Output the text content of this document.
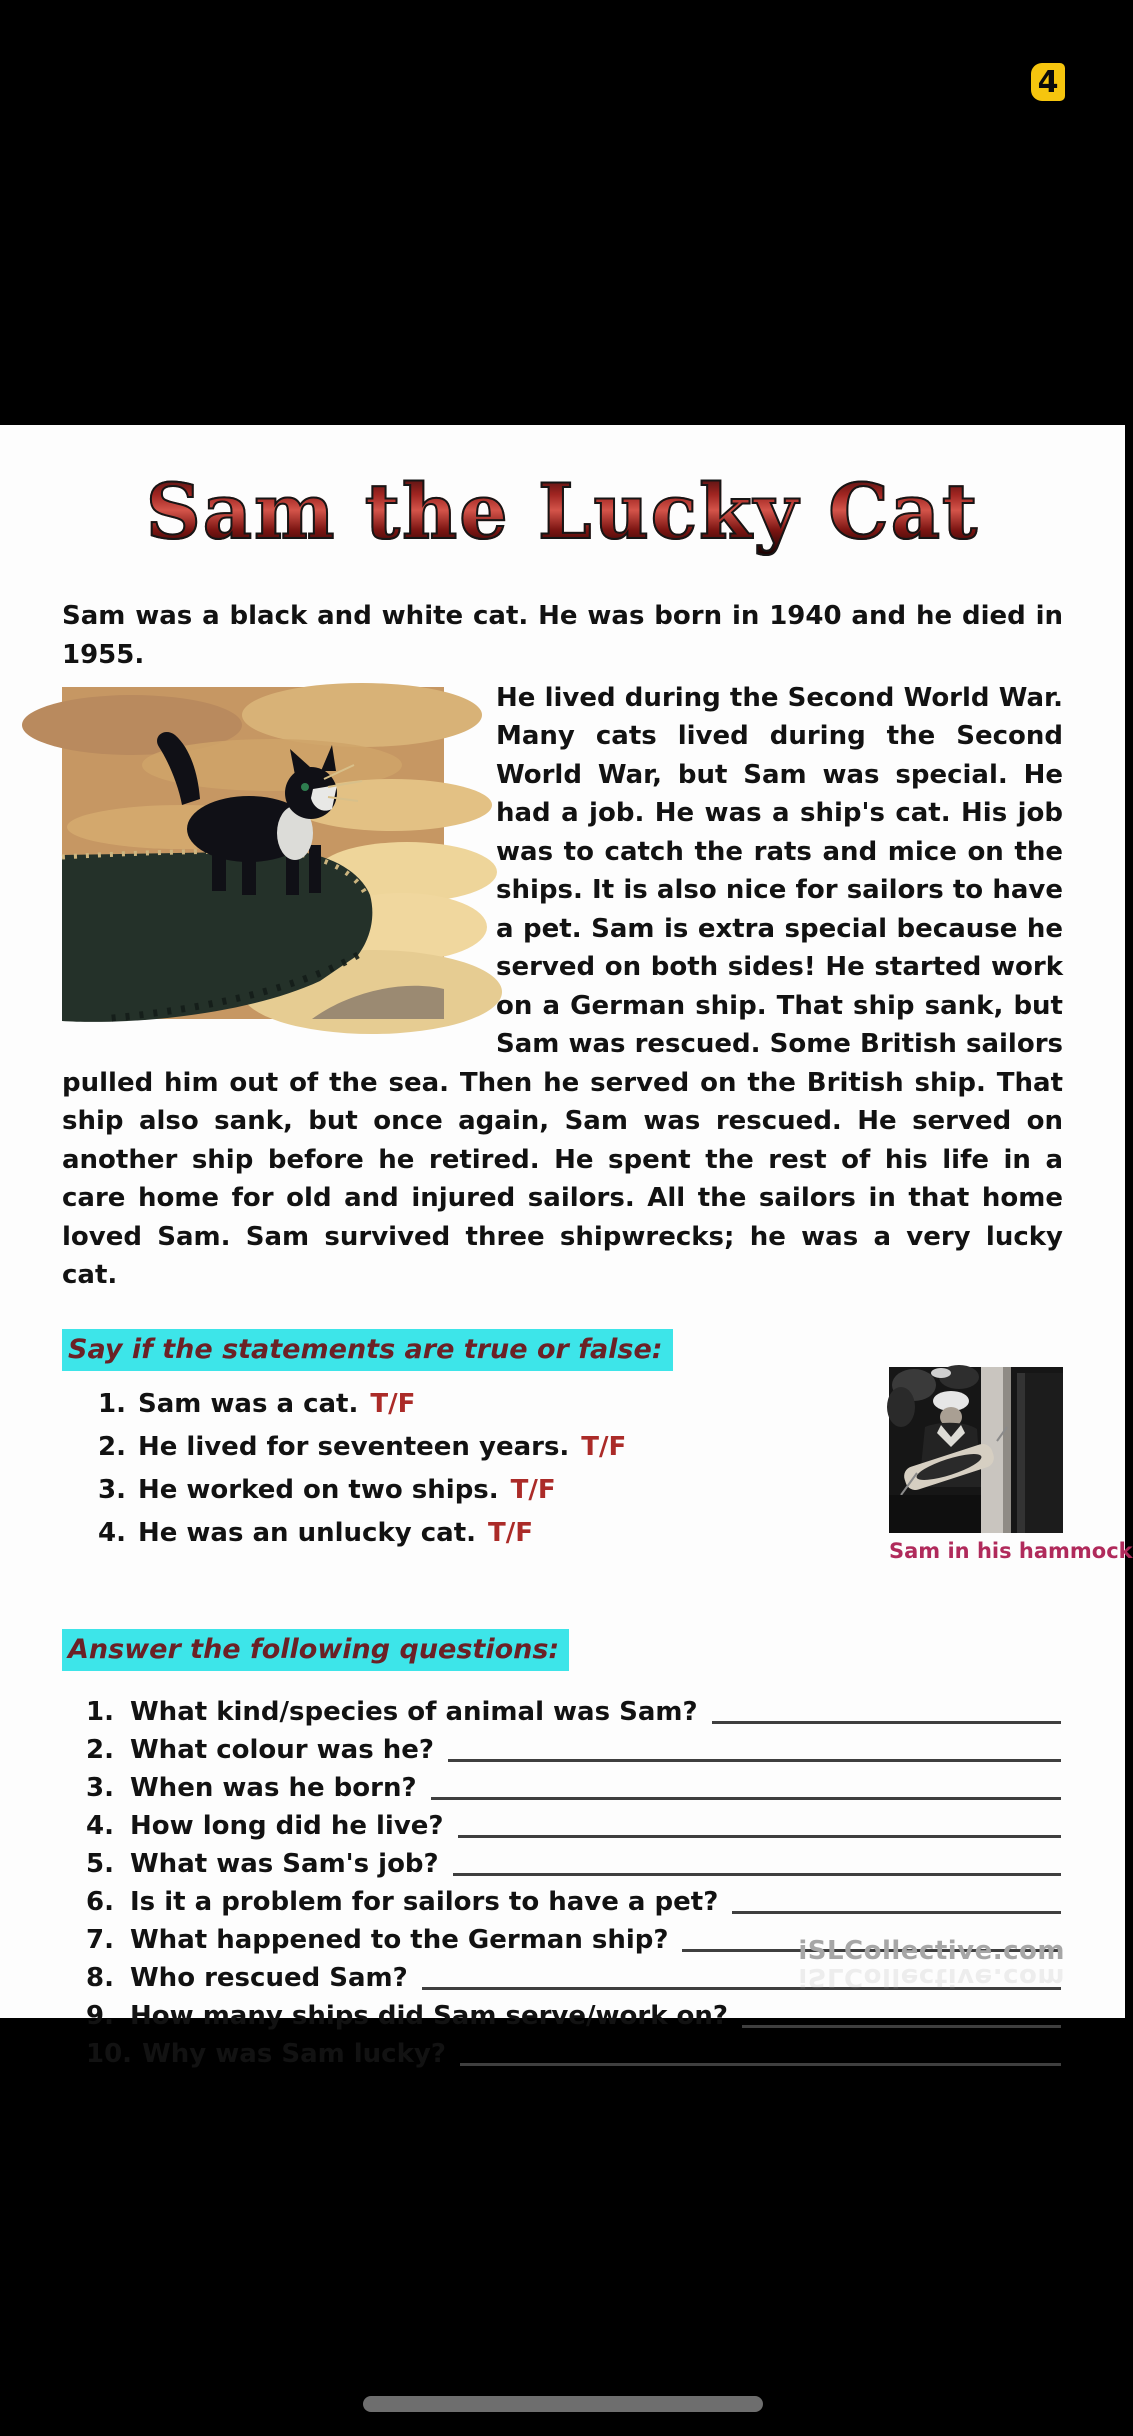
4
Sam the Lucky Cat

Sam was a black and white cat. He was born in 1940 and he died in 1955.

He lived during the Second World War. Many cats lived during the Second World War, but Sam was special. He had a job. He was a ship's cat. His job was to catch the rats and mice on the ships. It is also nice for sailors to have a pet. Sam is extra special because he served on both sides! He started work on a German ship. That ship sank, but Sam was rescued. Some British sailors pulled him out of the sea. Then he served on the British ship. That ship also sank, but once again, Sam was rescued. He served on another ship before he retired. He spent the rest of his life in a care home for old and injured sailors. All the sailors in that home loved Sam. Sam survived three shipwrecks; he was a very lucky cat.
Say if the statements are true or false:
1. Sam was a cat. T/F
2. He lived for seventeen years. T/F
3. He worked on two ships. T/F
4. He was an unlucky cat. T/F
Sam in his hammock
Answer the following questions:
1. What kind/species of animal was Sam?
2. What colour was he?
3. When was he born?
4. How long did he live?
5. What was Sam's job?
6. Is it a problem for sailors to have a pet?
7. What happened to the German ship?
8. Who rescued Sam?
9. How many ships did Sam serve/work on?
10. Why was Sam lucky?
iSLCollective.com
iSLCollective.com
